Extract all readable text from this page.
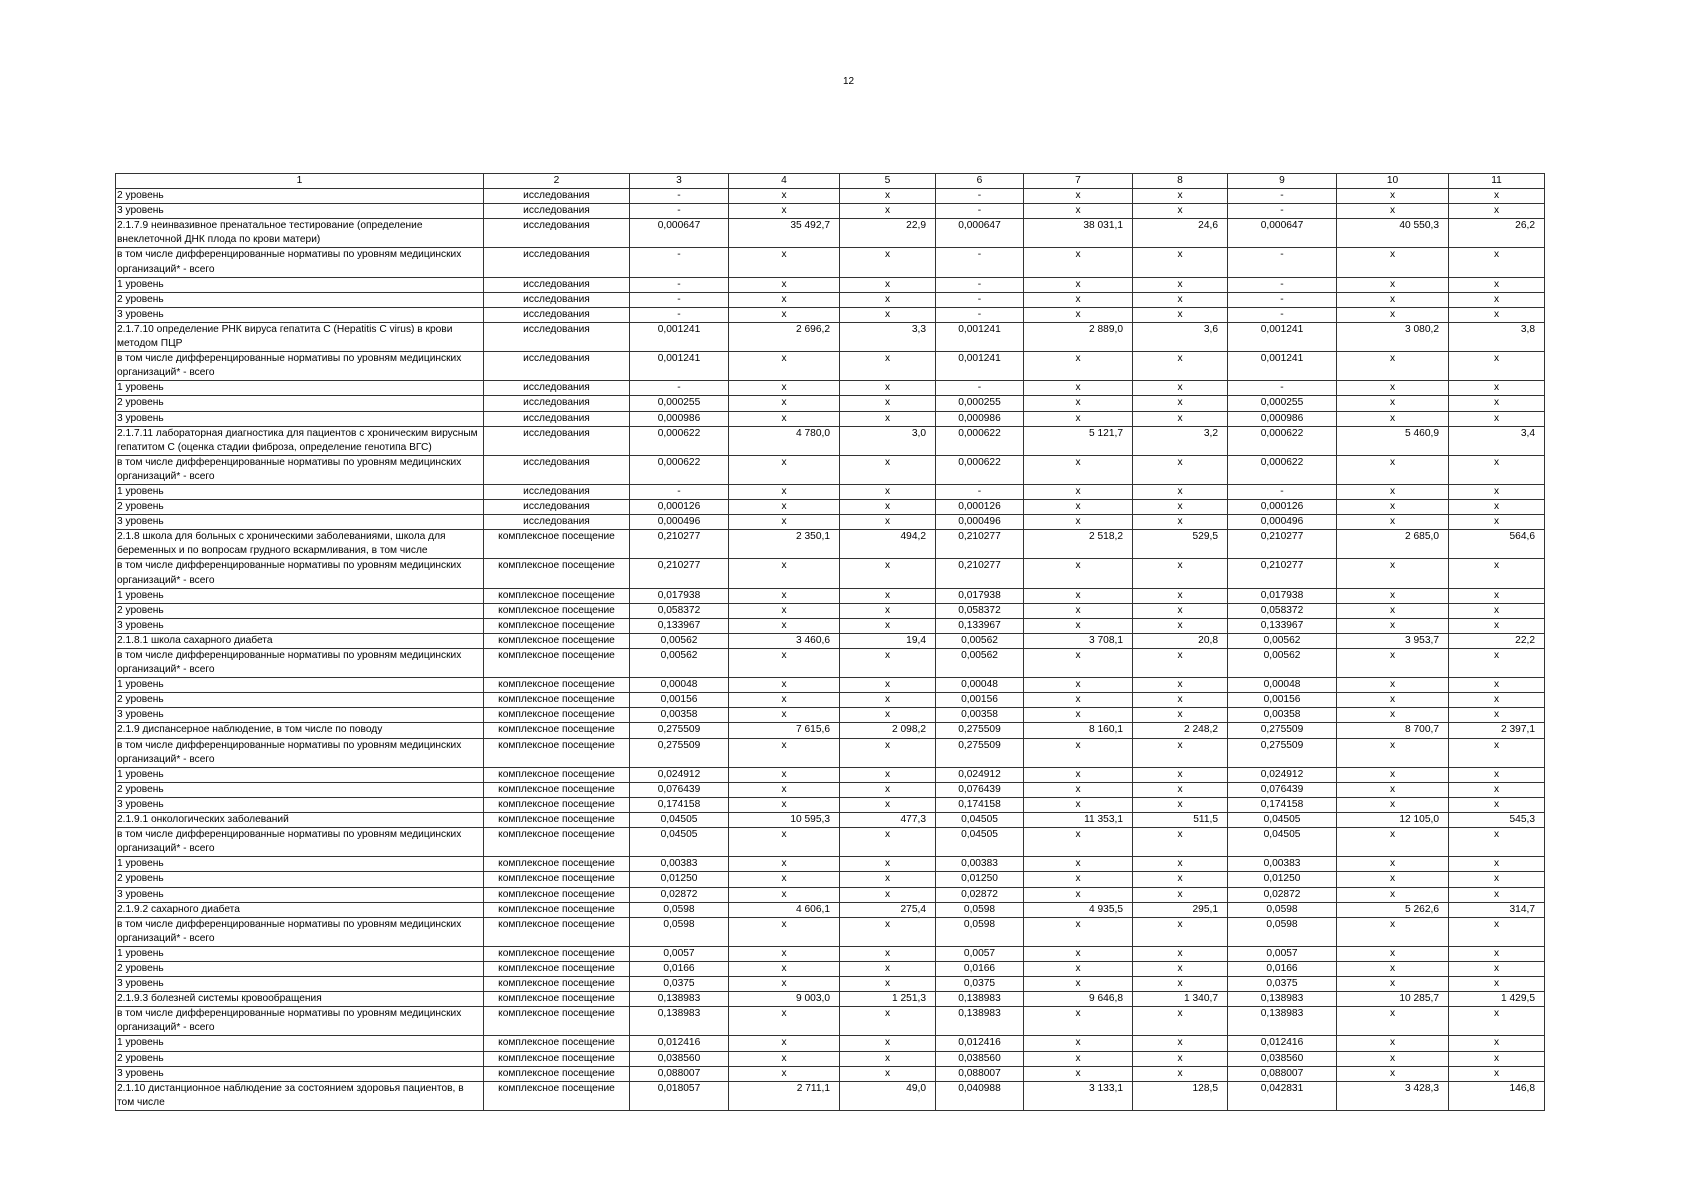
12
1	2	3	4	5	6	7	8	9	10	11
2 уровень	исследования	-	x	x	-	x	x	-	x	x
3 уровень	исследования	-	x	x	-	x	x	-	x	x
2.1.7.9 неинвазивное пренатальное тестирование (определение внеклеточной ДНК плода по крови матери)	исследования	0,000647	35 492,7	22,9	0,000647	38 031,1	24,6	0,000647	40 550,3	26,2
в том числе дифференцированные нормативы по уровням медицинских организаций* - всего	исследования	-	x	x	-	x	x	-	x	x
1 уровень	исследования	-	x	x	-	x	x	-	x	x
2 уровень	исследования	-	x	x	-	x	x	-	x	x
3 уровень	исследования	-	x	x	-	x	x	-	x	x
2.1.7.10 определение РНК вируса гепатита С (Hepatitis C virus) в крови методом ПЦР	исследования	0,001241	2 696,2	3,3	0,001241	2 889,0	3,6	0,001241	3 080,2	3,8
в том числе дифференцированные нормативы по уровням медицинских организаций* - всего	исследования	0,001241	x	x	0,001241	x	x	0,001241	x	x
1 уровень	исследования	-	x	x	-	x	x	-	x	x
2 уровень	исследования	0,000255	x	x	0,000255	x	x	0,000255	x	x
3 уровень	исследования	0,000986	x	x	0,000986	x	x	0,000986	x	x
2.1.7.11 лабораторная диагностика для пациентов с хроническим вирусным гепатитом С (оценка стадии фиброза, определение генотипа ВГС)	исследования	0,000622	4 780,0	3,0	0,000622	5 121,7	3,2	0,000622	5 460,9	3,4
в том числе дифференцированные нормативы по уровням медицинских организаций* - всего	исследования	0,000622	x	x	0,000622	x	x	0,000622	x	x
1 уровень	исследования	-	x	x	-	x	x	-	x	x
2 уровень	исследования	0,000126	x	x	0,000126	x	x	0,000126	x	x
3 уровень	исследования	0,000496	x	x	0,000496	x	x	0,000496	x	x
2.1.8 школа для больных с хроническими заболеваниями, школа для беременных и по вопросам грудного вскармливания, в том числе	комплексное посещение	0,210277	2 350,1	494,2	0,210277	2 518,2	529,5	0,210277	2 685,0	564,6
в том числе дифференцированные нормативы по уровням медицинских организаций* - всего	комплексное посещение	0,210277	x	x	0,210277	x	x	0,210277	x	x
1 уровень	комплексное посещение	0,017938	x	x	0,017938	x	x	0,017938	x	x
2 уровень	комплексное посещение	0,058372	x	x	0,058372	x	x	0,058372	x	x
3 уровень	комплексное посещение	0,133967	x	x	0,133967	x	x	0,133967	x	x
2.1.8.1 школа сахарного диабета	комплексное посещение	0,00562	3 460,6	19,4	0,00562	3 708,1	20,8	0,00562	3 953,7	22,2
в том числе дифференцированные нормативы по уровням медицинских организаций* - всего	комплексное посещение	0,00562	x	x	0,00562	x	x	0,00562	x	x
1 уровень	комплексное посещение	0,00048	x	x	0,00048	x	x	0,00048	x	x
2 уровень	комплексное посещение	0,00156	x	x	0,00156	x	x	0,00156	x	x
3 уровень	комплексное посещение	0,00358	x	x	0,00358	x	x	0,00358	x	x
2.1.9 диспансерное наблюдение, в том числе по поводу	комплексное посещение	0,275509	7 615,6	2 098,2	0,275509	8 160,1	2 248,2	0,275509	8 700,7	2 397,1
в том числе дифференцированные нормативы по уровням медицинских организаций* - всего	комплексное посещение	0,275509	x	x	0,275509	x	x	0,275509	x	x
1 уровень	комплексное посещение	0,024912	x	x	0,024912	x	x	0,024912	x	x
2 уровень	комплексное посещение	0,076439	x	x	0,076439	x	x	0,076439	x	x
3 уровень	комплексное посещение	0,174158	x	x	0,174158	x	x	0,174158	x	x
2.1.9.1 онкологических заболеваний	комплексное посещение	0,04505	10 595,3	477,3	0,04505	11 353,1	511,5	0,04505	12 105,0	545,3
в том числе дифференцированные нормативы по уровням медицинских организаций* - всего	комплексное посещение	0,04505	x	x	0,04505	x	x	0,04505	x	x
1 уровень	комплексное посещение	0,00383	x	x	0,00383	x	x	0,00383	x	x
2 уровень	комплексное посещение	0,01250	x	x	0,01250	x	x	0,01250	x	x
3 уровень	комплексное посещение	0,02872	x	x	0,02872	x	x	0,02872	x	x
2.1.9.2 сахарного диабета	комплексное посещение	0,0598	4 606,1	275,4	0,0598	4 935,5	295,1	0,0598	5 262,6	314,7
в том числе дифференцированные нормативы по уровням медицинских организаций* - всего	комплексное посещение	0,0598	x	x	0,0598	x	x	0,0598	x	x
1 уровень	комплексное посещение	0,0057	x	x	0,0057	x	x	0,0057	x	x
2 уровень	комплексное посещение	0,0166	x	x	0,0166	x	x	0,0166	x	x
3 уровень	комплексное посещение	0,0375	x	x	0,0375	x	x	0,0375	x	x
2.1.9.3 болезней системы кровообращения	комплексное посещение	0,138983	9 003,0	1 251,3	0,138983	9 646,8	1 340,7	0,138983	10 285,7	1 429,5
в том числе дифференцированные нормативы по уровням медицинских организаций* - всего	комплексное посещение	0,138983	x	x	0,138983	x	x	0,138983	x	x
1 уровень	комплексное посещение	0,012416	x	x	0,012416	x	x	0,012416	x	x
2 уровень	комплексное посещение	0,038560	x	x	0,038560	x	x	0,038560	x	x
3 уровень	комплексное посещение	0,088007	x	x	0,088007	x	x	0,088007	x	x
2.1.10 дистанционное наблюдение за состоянием здоровья пациентов, в том числе	комплексное посещение	0,018057	2 711,1	49,0	0,040988	3 133,1	128,5	0,042831	3 428,3	146,8
